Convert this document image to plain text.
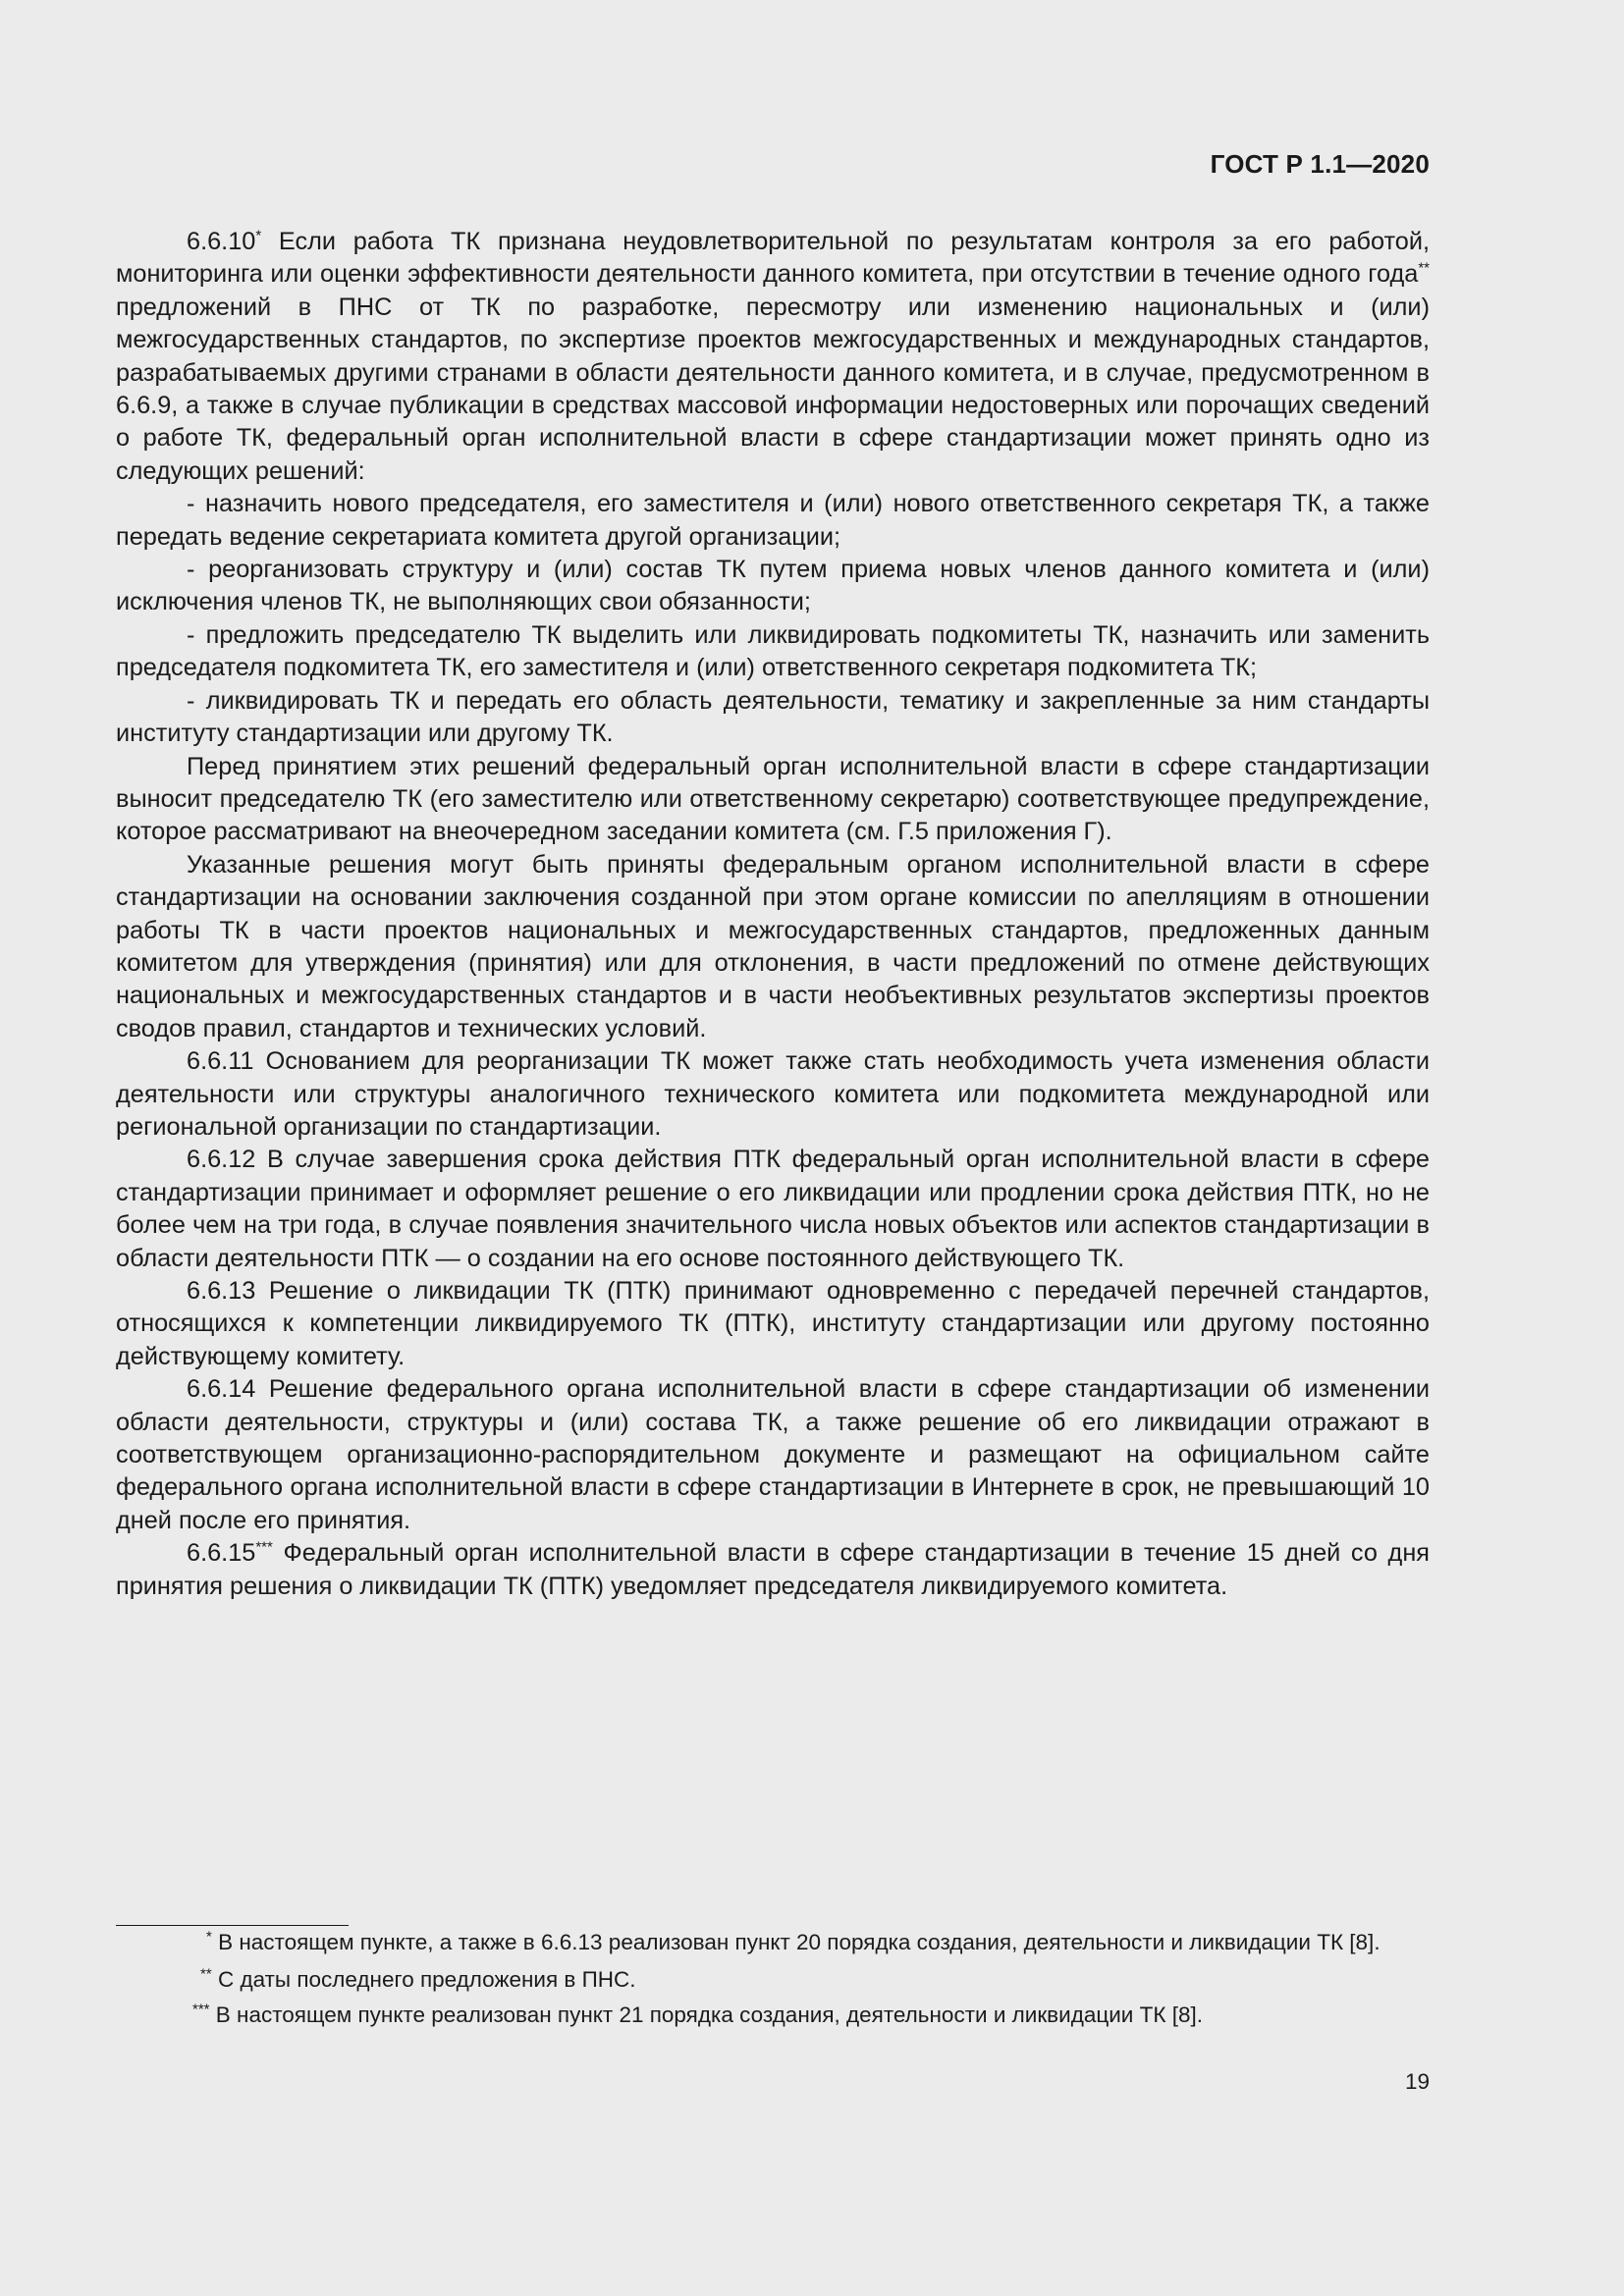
ГОСТ Р 1.1—2020

6.6.10* Если работа ТК признана неудовлетворительной по результатам контроля за его работой, мониторинга или оценки эффективности деятельности данного комитета, при отсутствии в течение одного года** предложений в ПНС от ТК по разработке, пересмотру или изменению национальных и (или) межгосударственных стандартов, по экспертизе проектов межгосударственных и международных стандартов, разрабатываемых другими странами в области деятельности данного комитета, и в случае, предусмотренном в 6.6.9, а также в случае публикации в средствах массовой информации недостоверных или порочащих сведений о работе ТК, федеральный орган исполнительной власти в сфере стандартизации может принять одно из следующих решений:

- назначить нового председателя, его заместителя и (или) нового ответственного секретаря ТК, а также передать ведение секретариата комитета другой организации;

- реорганизовать структуру и (или) состав ТК путем приема новых членов данного комитета и (или) исключения членов ТК, не выполняющих свои обязанности;

- предложить председателю ТК выделить или ликвидировать подкомитеты ТК, назначить или заменить председателя подкомитета ТК, его заместителя и (или) ответственного секретаря подкомитета ТК;

- ликвидировать ТК и передать его область деятельности, тематику и закрепленные за ним стандарты институту стандартизации или другому ТК.

Перед принятием этих решений федеральный орган исполнительной власти в сфере стандартизации выносит председателю ТК (его заместителю или ответственному секретарю) соответствующее предупреждение, которое рассматривают на внеочередном заседании комитета (см. Г.5 приложения Г).

Указанные решения могут быть приняты федеральным органом исполнительной власти в сфере стандартизации на основании заключения созданной при этом органе комиссии по апелляциям в отношении работы ТК в части проектов национальных и межгосударственных стандартов, предложенных данным комитетом для утверждения (принятия) или для отклонения, в части предложений по отмене действующих национальных и межгосударственных стандартов и в части необъективных результатов экспертизы проектов сводов правил, стандартов и технических условий.

6.6.11 Основанием для реорганизации ТК может также стать необходимость учета изменения области деятельности или структуры аналогичного технического комитета или подкомитета международной или региональной организации по стандартизации.

6.6.12 В случае завершения срока действия ПТК федеральный орган исполнительной власти в сфере стандартизации принимает и оформляет решение о его ликвидации или продлении срока действия ПТК, но не более чем на три года, в случае появления значительного числа новых объектов или аспектов стандартизации в области деятельности ПТК — о создании на его основе постоянного действующего ТК.

6.6.13 Решение о ликвидации ТК (ПТК) принимают одновременно с передачей перечней стандартов, относящихся к компетенции ликвидируемого ТК (ПТК), институту стандартизации или другому постоянно действующему комитету.

6.6.14 Решение федерального органа исполнительной власти в сфере стандартизации об изменении области деятельности, структуры и (или) состава ТК, а также решение об его ликвидации отражают в соответствующем организационно-распорядительном документе и размещают на официальном сайте федерального органа исполнительной власти в сфере стандартизации в Интернете в срок, не превышающий 10 дней после его принятия.

6.6.15*** Федеральный орган исполнительной власти в сфере стандартизации в течение 15 дней со дня принятия решения о ликвидации ТК (ПТК) уведомляет председателя ликвидируемого комитета.

* В настоящем пункте, а также в 6.6.13 реализован пункт 20 порядка создания, деятельности и ликвидации ТК [8].

** С даты последнего предложения в ПНС.

*** В настоящем пункте реализован пункт 21 порядка создания, деятельности и ликвидации ТК [8].

19
